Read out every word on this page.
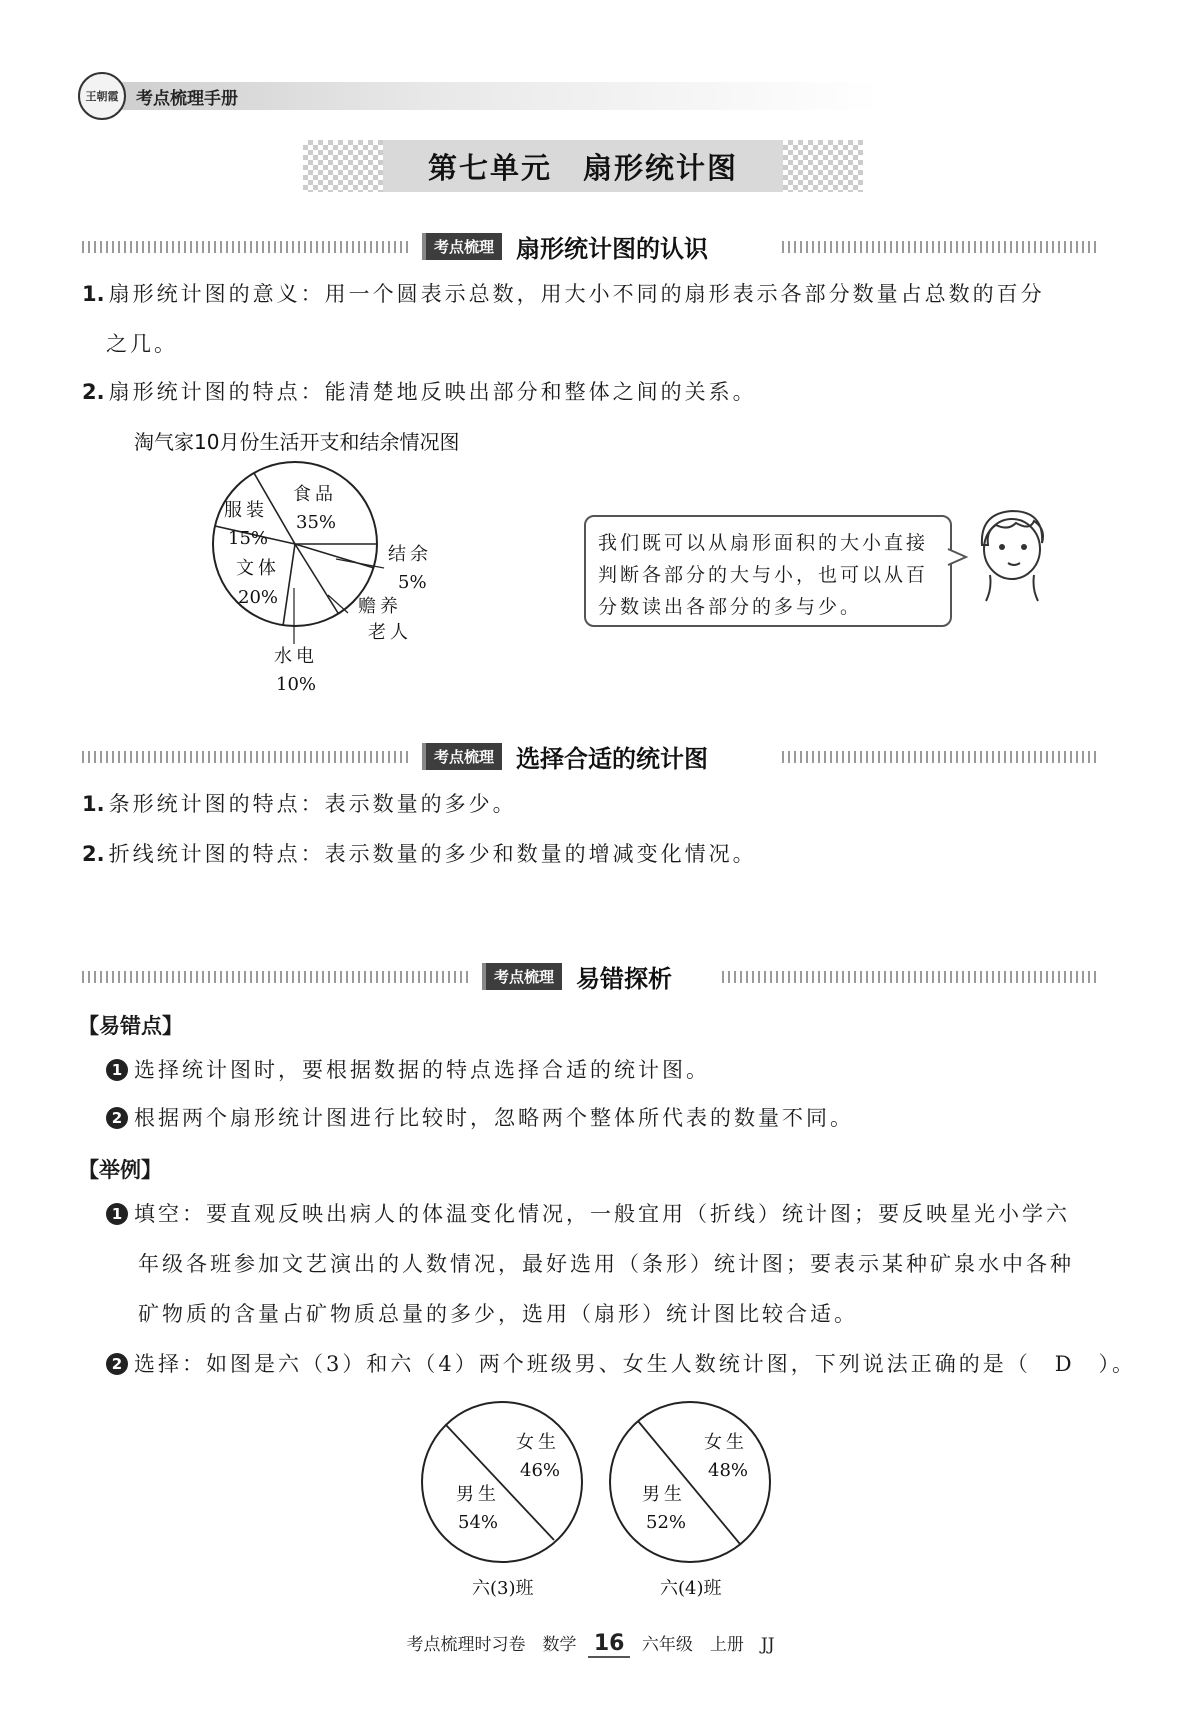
王朝霞 考点梳理手册
第七单元　扇形统计图
考点梳理 扇形统计图的认识
1. 扇形统计图的意义：用一个圆表示总数，用大小不同的扇形表示各部分数量占总数的百分
之几。
2. 扇形统计图的特点：能清楚地反映出部分和整体之间的关系。
淘气家10月份生活开支和结余情况图
食品
35%
服装
15%
文体
20%
结余
5%
赡养
老人
水电
10%
我们既可以从扇形面积的大小直接判断各部分的大与小，也可以从百分数读出各部分的多与少。
考点梳理 选择合适的统计图
1. 条形统计图的特点：表示数量的多少。
2. 折线统计图的特点：表示数量的多少和数量的增减变化情况。
考点梳理 易错探析
【易错点】
1 选择统计图时，要根据数据的特点选择合适的统计图。
2 根据两个扇形统计图进行比较时，忽略两个整体所代表的数量不同。
【举例】
1 填空：要直观反映出病人的体温变化情况，一般宜用（折线）统计图；要反映星光小学六
年级各班参加文艺演出的人数情况，最好选用（条形）统计图；要表示某种矿泉水中各种
矿物质的含量占矿物质总量的多少，选用（扇形）统计图比较合适。
2 选择：如图是六（3）和六（4）两个班级男、女生人数统计图，下列说法正确的是（　D　）。
女生
46%
男生
54%
女生
48%
男生
52%
六(3)班	六(4)班
考点梳理时习卷　数学 16 六年级　上册　JJ
